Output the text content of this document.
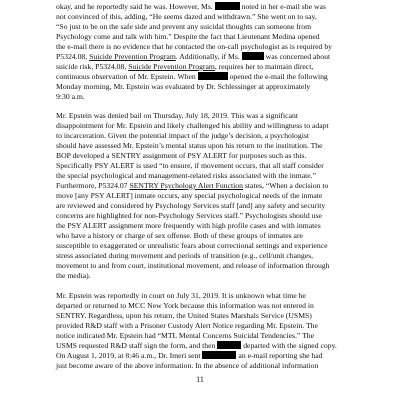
okay, and he reportedly said he was. However, Ms.	noted in her e-mail she was
not convinced of this, adding, “He seems dazed and withdrawn.” She went on to say,
“So just to be on the safe side and prevent any suicidal thoughts can someone from
Psychology come and talk with him.” Despite the fact that Lieutenant Medina opened
the e-mail there is no evidence that he contacted the on-call psychologist as is required by
P5324.08, Suicide Prevention Program. Additionally, if Ms.	was concerned about
suicide risk, P5324.08, Suicide Prevention Program, requires her to maintain direct,
continuous observation of Mr. Epstein. When	opened the e-mail the following
Monday morning, Mr. Epstein was evaluated by Dr. Schlessinger at approximately
9:30 a.m.
Mr. Epstein was denied bail on Thursday, July 18, 2019. This was a significant
disappointment for Mr. Epstein and likely challenged his ability and willingness to adapt
to incarceration. Given the potential impact of the judge’s decision, a psychologist
should have assessed Mr. Epstein’s mental status upon his return to the institution. The
BOP developed a SENTRY assignment of PSY ALERT for purposes such as this.
Specifically PSY ALERT is used “to ensure, if movement occurs, that all staff consider
the special psychological and management-related risks associated with the inmate.”
Furthermore, P5324.07 SENTRY Psychology Alert Function states, “When a decision to
move [any PSY ALERT] inmate occurs, any special psychological needs of the inmate
are reviewed and considered by Psychology Services staff [and] any safety and security
concerns are highlighted for non-Psychology Services staff.” Psychologists should use
the PSY ALERT assignment more frequently with high profile cases and with inmates
who have a history or charge of sex offense. Both of these groups of inmates are
susceptible to exaggerated or unrealistic fears about correctional settings and experience
stress associated during movement and periods of transition (e.g., cell/unit changes,
movement to and from court, institutional movement, and release of information through
the media).
Mr. Epstein was reportedly in court on July 31, 2019. It is unknown what time he
departed or returned to MCC New York because this information was not entered in
SENTRY. Regardless, upon his return, the United States Marshals Service (USMS)
provided R&D staff with a Prisoner Custody Alert Notice regarding Mr. Epstein. The
notice indicated Mr. Epstein had “MTL Mental Concerns Suicidal Tendencies.” The
USMS requested R&D staff sign the form, and then	departed with the signed copy.
On August 1, 2019, at 8:46 a.m., Dr. Imeri sent	an e-mail reporting she had
just become aware of the above information. In the absence of additional information
11
